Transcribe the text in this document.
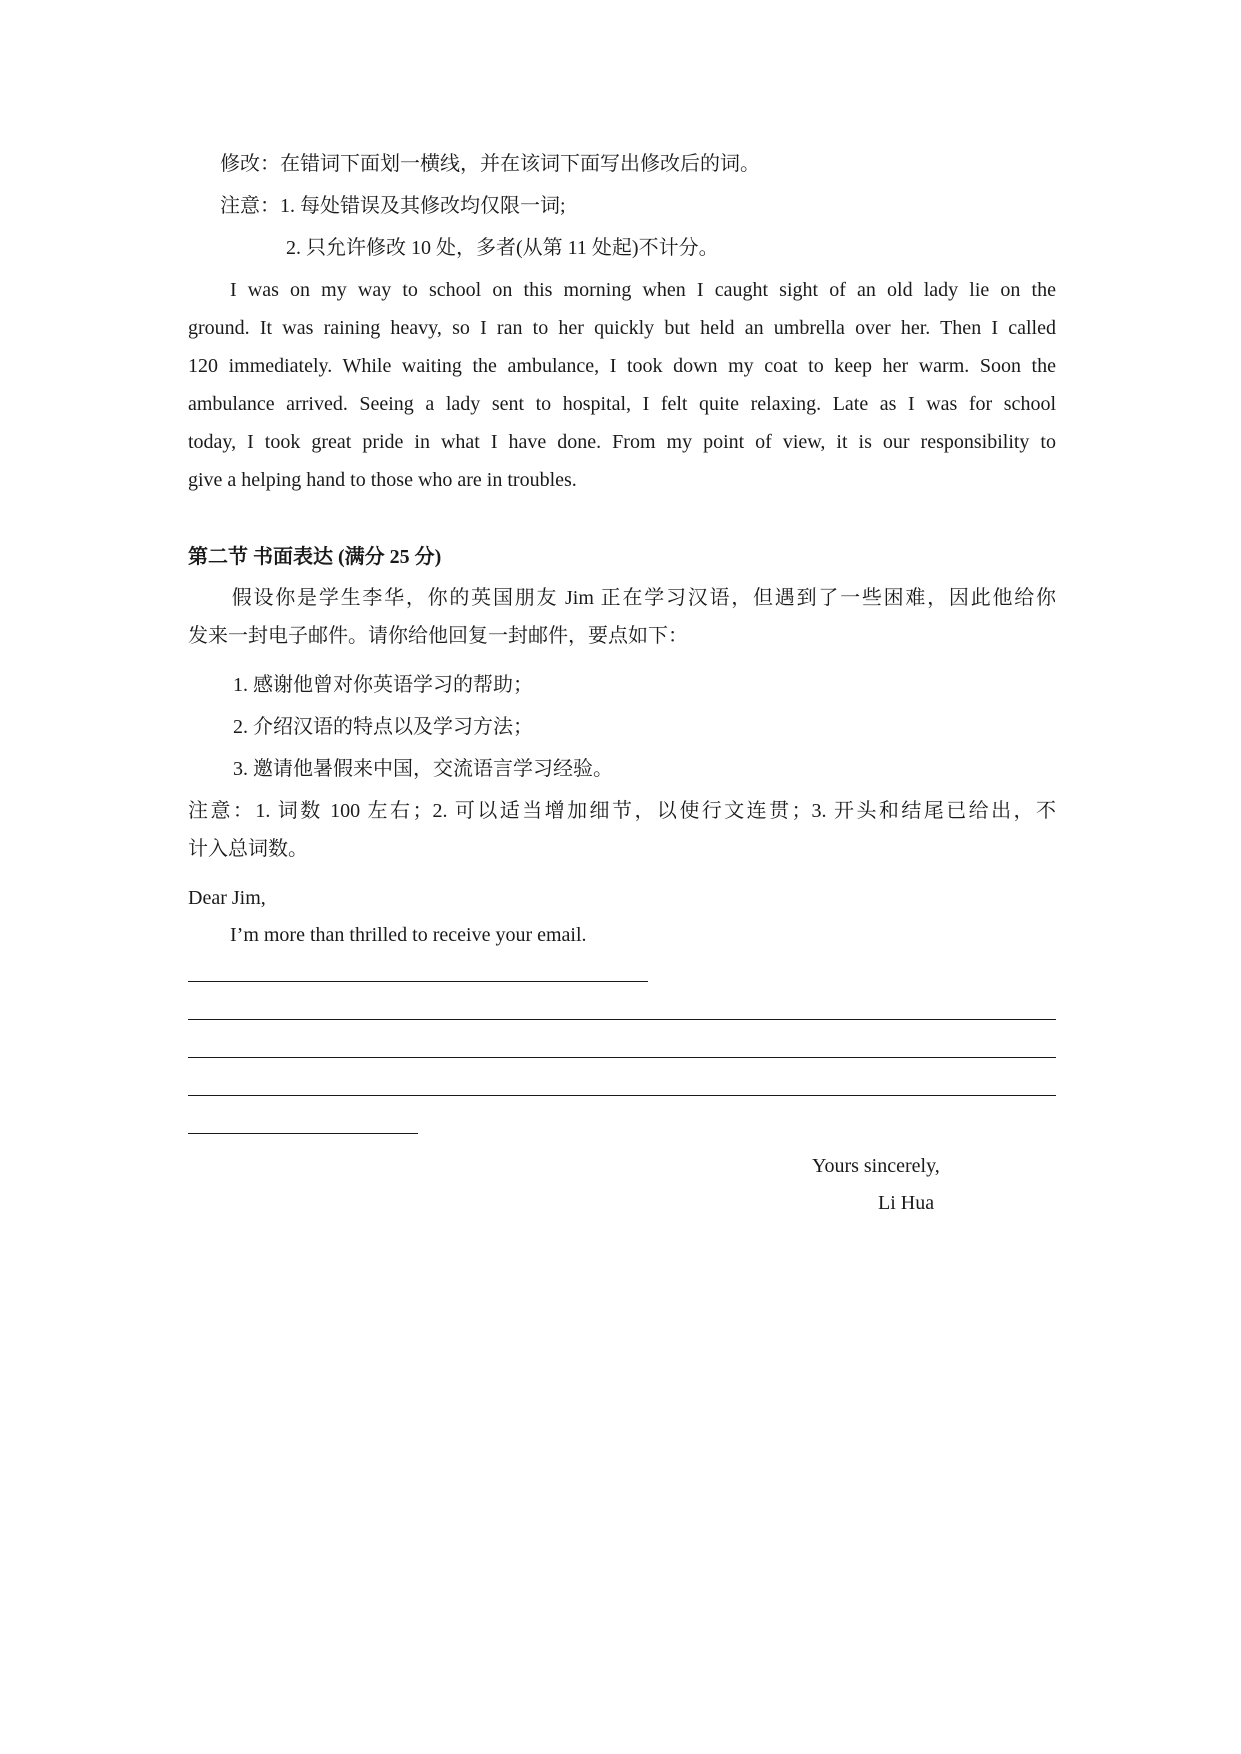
修改：在错词下面划一横线，并在该词下面写出修改后的词。
注意：1. 每处错误及其修改均仅限一词;
2. 只允许修改 10 处，多者(从第 11 处起)不计分。
I was on my way to school on this morning when I caught sight of an old lady lie on the
ground. It was raining heavy, so I ran to her quickly but held an umbrella over her. Then I called
120 immediately. While waiting the ambulance, I took down my coat to keep her warm. Soon the
ambulance arrived. Seeing a lady sent to hospital, I felt quite relaxing. Late as I was for school
today, I took great pride in what I have done. From my point of view, it is our responsibility to
give a helping hand to those who are in troubles.
第二节 书面表达 (满分 25 分)
假设你是学生李华，你的英国朋友 Jim 正在学习汉语，但遇到了一些困难，因此他给你
发来一封电子邮件。请你给他回复一封邮件，要点如下：
1. 感谢他曾对你英语学习的帮助；
2. 介绍汉语的特点以及学习方法；
3. 邀请他暑假来中国，交流语言学习经验。
注意：1. 词数 100 左右；2. 可以适当增加细节，以使行文连贯；3. 开头和结尾已给出，不
计入总词数。
Dear Jim,
I’m more than thrilled to receive your email.
Yours sincerely,
Li Hua
